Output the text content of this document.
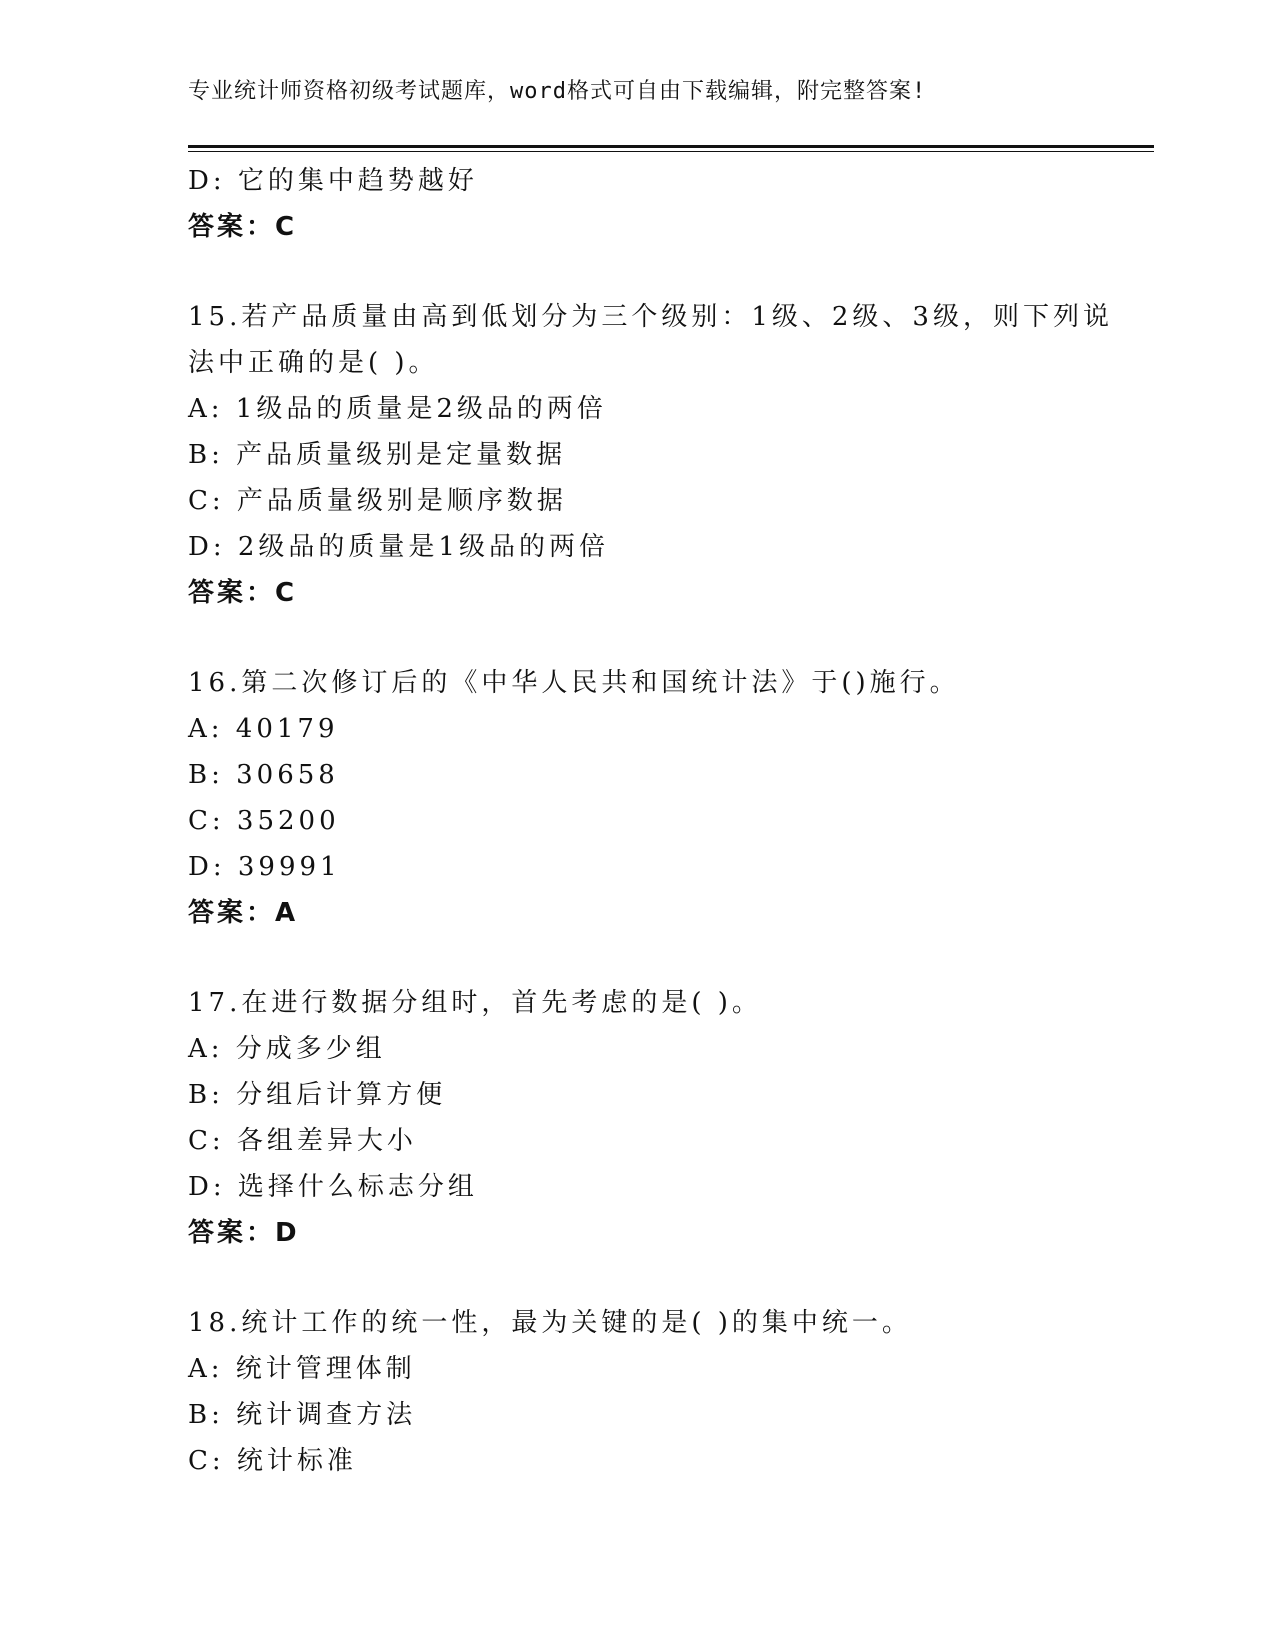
专业统计师资格初级考试题库，word格式可自由下载编辑，附完整答案!
D: 它的集中趋势越好
答案：C
15.若产品质量由高到低划分为三个级别：1级、2级、3级，则下列说
法中正确的是( )。
A: 1级品的质量是2级品的两倍
B: 产品质量级别是定量数据
C: 产品质量级别是顺序数据
D: 2级品的质量是1级品的两倍
答案：C
16.第二次修订后的《中华人民共和国统计法》于()施行。
A: 40179
B: 30658
C: 35200
D: 39991
答案：A
17.在进行数据分组时，首先考虑的是( )。
A: 分成多少组
B: 分组后计算方便
C: 各组差异大小
D: 选择什么标志分组
答案：D
18.统计工作的统一性，最为关键的是( )的集中统一。
A: 统计管理体制
B: 统计调查方法
C: 统计标准
